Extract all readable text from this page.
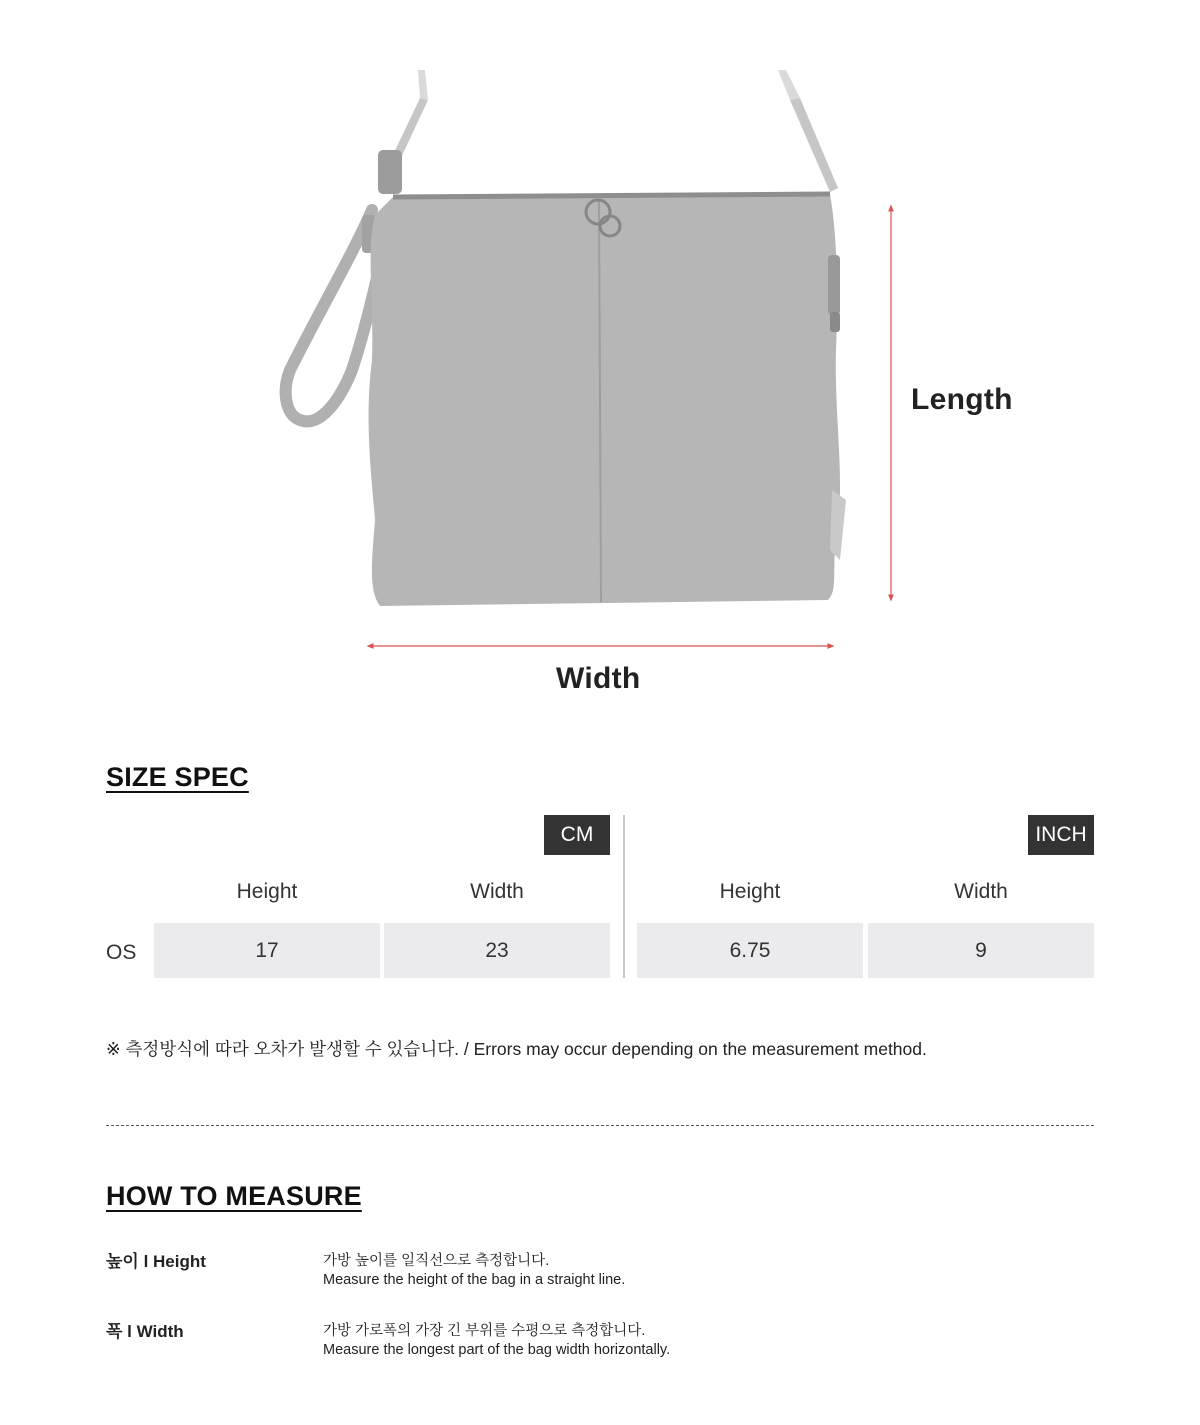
Length
Width
SIZE SPEC
CM	INCH
Height	Width	Height	Width
OS	17	23	6.75	9
※ 측정방식에 따라 오차가 발생할 수 있습니다. / Errors may occur depending on the measurement method.
HOW TO MEASURE
높이 l Height	가방 높이를 일직선으로 측정합니다.
Measure the height of the bag in a straight line.
폭 l Width	가방 가로폭의 가장 긴 부위를 수평으로 측정합니다.
Measure the longest part of the bag width horizontally.
